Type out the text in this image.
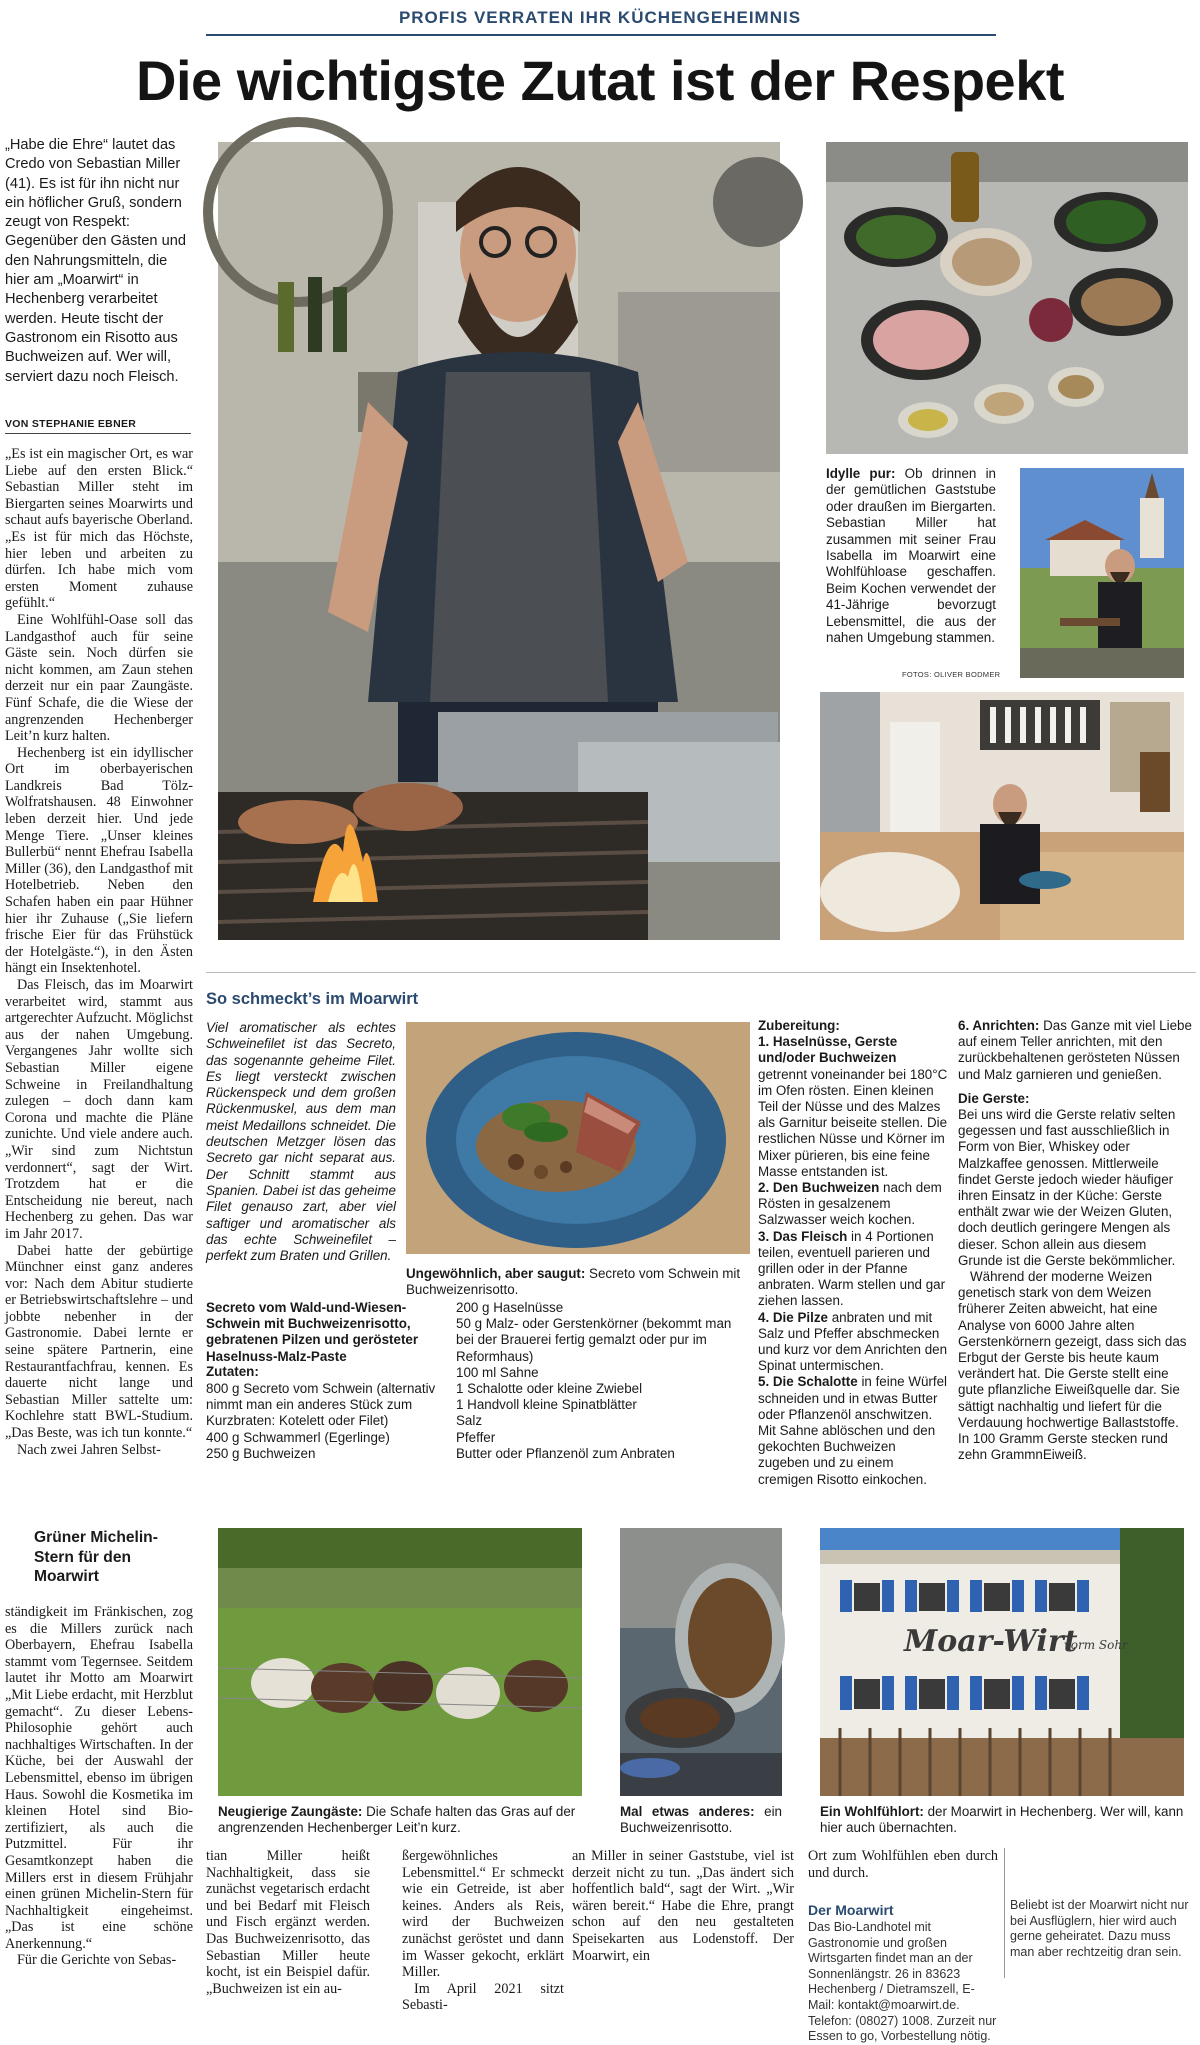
PROFIS VERRATEN IHR KÜCHENGEHEIMNIS
Die wichtigste Zutat ist der Respekt
„Habe die Ehre“ lautet das Credo von Sebastian Miller (41). Es ist für ihn nicht nur ein höflicher Gruß, sondern zeugt von Respekt: Gegenüber den Gästen und den Nahrungsmitteln, die hier am „Moarwirt“ in Hechenberg verarbeitet werden. Heute tischt der Gastronom ein Risotto aus Buchweizen auf. Wer will, serviert dazu noch Fleisch.
VON STEPHANIE EBNER

„Es ist ein magischer Ort, es war Liebe auf den ersten Blick.“ Sebastian Miller steht im Biergarten seines Moarwirts und schaut aufs bayerische Oberland. „Es ist für mich das Höchste, hier leben und arbeiten zu dürfen. Ich habe mich vom ersten Moment zuhause gefühlt.“

Eine Wohlfühl-Oase soll das Landgasthof auch für seine Gäste sein. Noch dürfen sie nicht kommen, am Zaun stehen derzeit nur ein paar Zaungäste. Fünf Schafe, die die Wiese der angrenzenden Hechenberger Leit’n kurz halten.

Hechenberg ist ein idyllischer Ort im oberbayerischen Landkreis Bad Tölz-Wolfratshausen. 48 Einwohner leben derzeit hier. Und jede Menge Tiere. „Unser kleines Bullerbü“ nennt Ehefrau Isabella Miller (36), den Landgasthof mit Hotelbetrieb. Neben den Schafen haben ein paar Hühner hier ihr Zuhause („Sie liefern frische Eier für das Frühstück der Hotelgäste.“), in den Ästen hängt ein Insektenhotel.

Das Fleisch, das im Moarwirt verarbeitet wird, stammt aus artgerechter Aufzucht. Möglichst aus der nahen Umgebung. Vergangenes Jahr wollte sich Sebastian Miller eigene Schweine in Freilandhaltung zulegen – doch dann kam Corona und machte die Pläne zunichte. Und viele andere auch. „Wir sind zum Nichtstun verdonnert“, sagt der Wirt. Trotzdem hat er die Entscheidung nie bereut, nach Hechenberg zu gehen. Das war im Jahr 2017.

Dabei hatte der gebürtige Münchner einst ganz anderes vor: Nach dem Abitur studierte er Betriebswirtschaftslehre – und jobbte nebenher in der Gastronomie. Dabei lernte er seine spätere Partnerin, eine Restaurantfachfrau, kennen. Es dauerte nicht lange und Sebastian Miller sattelte um: Kochlehre statt BWL-Studium. „Das Beste, was ich tun konnte.“

Nach zwei Jahren Selbst-

Grüner Michelin-Stern für den Moarwirt

ständigkeit im Fränkischen, zog es die Millers zurück nach Oberbayern, Ehefrau Isabella stammt vom Tegernsee. Seitdem lautet ihr Motto am Moarwirt „Mit Liebe erdacht, mit Herzblut gemacht“. Zu dieser Lebens-Philosophie gehört auch nachhaltiges Wirtschaften. In der Küche, bei der Auswahl der Lebensmittel, ebenso im übrigen Haus. Sowohl die Kosmetika im kleinen Hotel sind Bio-zertifiziert, als auch die Putzmittel. Für ihr Gesamtkonzept haben die Millers erst in diesem Frühjahr einen grünen Michelin-Stern für Nachhaltigkeit eingeheimst. „Das ist eine schöne Anerkennung.“

Für die Gerichte von Sebas-

Idylle pur: Ob drinnen in der gemütlichen Gaststube oder draußen im Biergarten. Sebastian Miller hat zusammen mit seiner Frau Isabella im Moarwirt eine Wohlfühloase geschaffen. Beim Kochen verwendet der 41-Jährige bevorzugt Lebensmittel, die aus der nahen Umgebung stammen.
FOTOS: OLIVER BODMER
So schmeckt’s im Moarwirt
Viel aromatischer als echtes Schweinefilet ist das Secreto, das sogenannte geheime Filet. Es liegt versteckt zwischen Rückenspeck und dem großen Rückenmuskel, aus dem man meist Medaillons schneidet. Die deutschen Metzger lösen das Secreto gar nicht separat aus. Der Schnitt stammt aus Spanien. Dabei ist das geheime Filet genauso zart, aber viel saftiger und aromatischer als das echte Schweinefilet – perfekt zum Braten und Grillen.
Ungewöhnlich, aber saugut: Secreto vom Schwein mit Buchweizenrisotto.
Secreto vom Wald-und-Wiesen-Schwein mit Buchweizenrisotto, gebratenen Pilzen und gerösteter Haselnuss-Malz-Paste
Zutaten:
800 g Secreto vom Schwein (alternativ nimmt man ein anderes Stück zum Kurzbraten: Kotelett oder Filet)
400 g Schwammerl (Egerlinge)
250 g Buchweizen
200 g Haselnüsse
50 g Malz- oder Gerstenkörner (bekommt man bei der Brauerei fertig gemalzt oder pur im Reformhaus)
100 ml Sahne
1 Schalotte oder kleine Zwiebel
1 Handvoll kleine Spinatblätter
Salz
Pfeffer
Butter oder Pflanzenöl zum Anbraten
Zubereitung:
1. Haselnüsse, Gerste und/oder Buchweizen getrennt voneinander bei 180°C im Ofen rösten. Einen kleinen Teil der Nüsse und des Malzes als Garnitur beiseite stellen. Die restlichen Nüsse und Körner im Mixer pürieren, bis eine feine Masse entstanden ist.
2. Den Buchweizen nach dem Rösten in gesalzenem Salzwasser weich kochen.
3. Das Fleisch in 4 Portionen teilen, eventuell parieren und grillen oder in der Pfanne anbraten. Warm stellen und gar ziehen lassen.
4. Die Pilze anbraten und mit Salz und Pfeffer abschmecken und kurz vor dem Anrichten den Spinat untermischen.
5. Die Schalotte in feine Würfel schneiden und in etwas Butter oder Pflanzenöl anschwitzen. Mit Sahne ablöschen und den gekochten Buchweizen zugeben und zu einem cremigen Risotto einkochen.
6. Anrichten: Das Ganze mit viel Liebe auf einem Teller anrichten, mit den zurückbehaltenen gerösteten Nüssen und Malz garnieren und genießen.
Die Gerste:
Bei uns wird die Gerste relativ selten gegessen und fast ausschließlich in Form von Bier, Whiskey oder Malzkaffee genossen. Mittlerweile findet Gerste jedoch wieder häufiger ihren Einsatz in der Küche: Gerste enthält zwar wie der Weizen Gluten, doch deutlich geringere Mengen als dieser. Schon allein aus diesem Grunde ist die Gerste bekömmlicher.
Während der moderne Weizen genetisch stark von dem Weizen früherer Zeiten abweicht, hat eine Analyse von 6000 Jahre alten Gerstenkörnern gezeigt, dass sich das Erbgut der Gerste bis heute kaum verändert hat. Die Gerste stellt eine gute pflanzliche Eiweißquelle dar. Sie sättigt nachhaltig und liefert für die Verdauung hochwertige Ballaststoffe. In 100 Gramm Gerste stecken rund zehn GrammnEiweiß.
Neugierige Zaungäste: Die Schafe halten das Gras auf der angrenzenden Hechenberger Leit’n kurz.
Mal etwas anderes: ein Buchweizenrisotto.
Moar-Wirt
vorm Sohr
Ein Wohlfühlort: der Moarwirt in Hechenberg. Wer will, kann hier auch übernachten.
tian Miller heißt Nachhaltigkeit, dass sie zunächst vegetarisch erdacht und bei Bedarf mit Fleisch und Fisch ergänzt werden. Das Buchweizenrisotto, das Sebastian Miller heute kocht, ist ein Beispiel dafür. „Buchweizen ist ein au-

ßergewöhnliches Lebensmittel.“ Er schmeckt wie ein Getreide, ist aber keines. Anders als Reis, wird der Buchweizen zunächst geröstet und dann im Wasser gekocht, erklärt Miller.

Im April 2021 sitzt Sebasti-

an Miller in seiner Gaststube, viel ist derzeit nicht zu tun. „Das ändert sich hoffentlich bald“, sagt der Wirt. „Wir wären bereit.“ Habe die Ehre, prangt schon auf den neu gestalteten Speisekarten aus Lodenstoff. Der Moarwirt, ein
Ort zum Wohlfühlen eben durch und durch.
Der Moarwirt
Das Bio-Landhotel mit Gastronomie und großen Wirtsgarten findet man an der Sonnenlängstr. 26 in 83623 Hechenberg / Dietramszell, E-Mail: kontakt@moarwirt.de. Telefon: (08027) 1008. Zurzeit nur Essen to go, Vorbestellung nötig.
Beliebt ist der Moarwirt nicht nur bei Ausflüglern, hier wird auch gerne geheiratet. Dazu muss man aber rechtzeitig dran sein.
